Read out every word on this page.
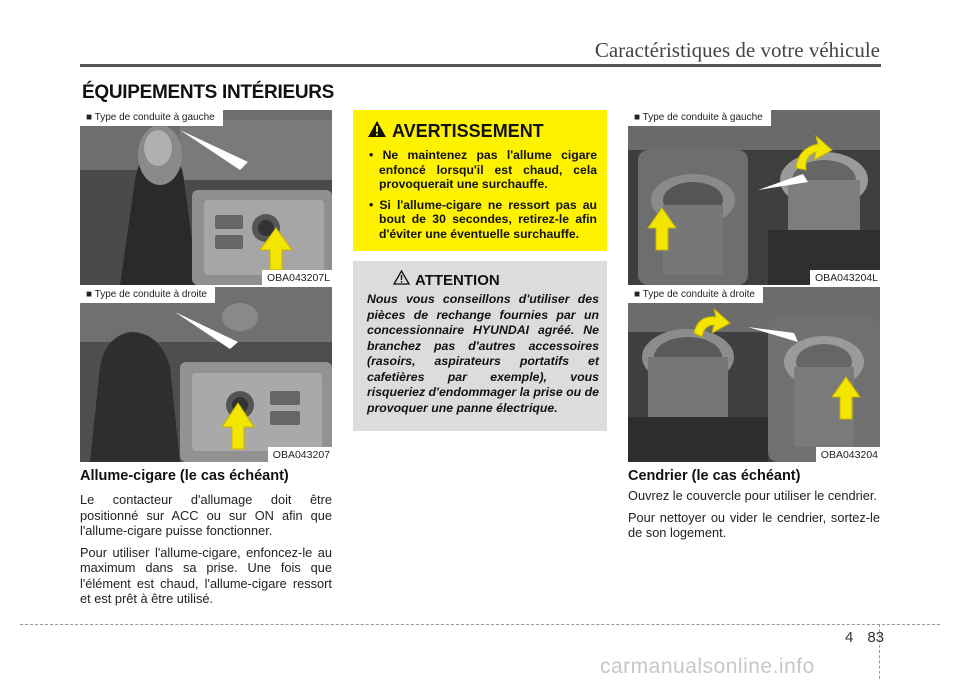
Caractéristiques de votre véhicule
ÉQUIPEMENTS INTÉRIEURS
■ Type de conduite à gauche
OBA043207L
■ Type de conduite à droite
OBA043207
AVERTISSEMENT
• Ne maintenez pas l'allume cigare enfoncé lorsqu'il est chaud, cela provoquerait une surchauffe.
• Si l'allume-cigare ne ressort pas au bout de 30 secondes, retirez-le afin d'éviter une éventuelle surchauffe.
ATTENTION

Nous vous conseillons d'utiliser des pièces de rechange fournies par un concessionnaire HYUNDAI agréé. Ne branchez pas d'autres accessoires (rasoirs, aspirateurs portatifs et cafetières par exemple), vous risqueriez d'endommager la prise ou de provoquer une panne électrique.

■ Type de conduite à gauche
OBA043204L
■ Type de conduite à droite
OBA043204
Allume-cigare (le cas échéant)

Le contacteur d'allumage doit être positionné sur ACC ou sur ON afin que l'allume-cigare puisse fonctionner.

Pour utiliser l'allume-cigare, enfoncez-le au maximum dans sa prise. Une fois que l'élément est chaud, l'allume-cigare ressort et est prêt à être utilisé.

Cendrier (le cas échéant)

Ouvrez le couvercle pour utiliser le cendrier.

Pour nettoyer ou vider le cendrier, sortez-le de son logement.

4 83
carmanualsonline.info
